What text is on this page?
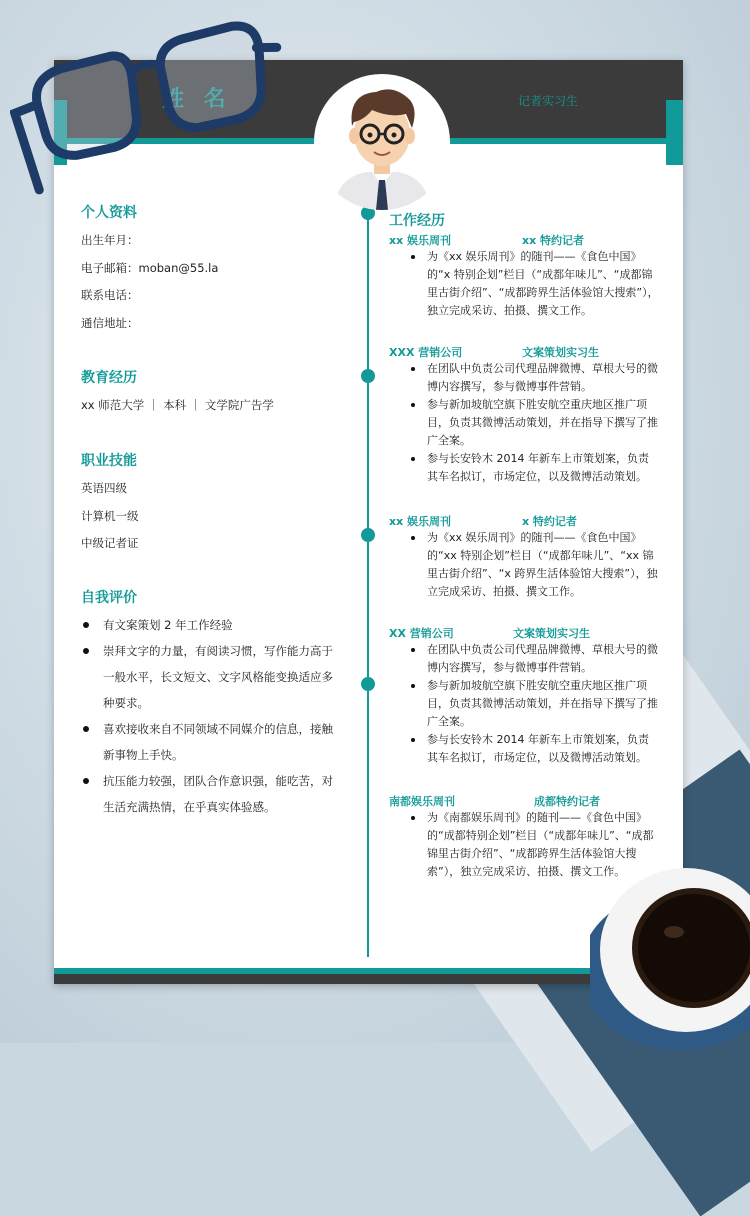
记者实习生
个人资料
出生年月：
电子邮箱：moban@55.la
联系电话：
通信地址：
教育经历
xx 师范大学 ｜ 本科 ｜ 文学院广告学
职业技能
英语四级
计算机一级
中级记者证
自我评价
有文案策划 2 年工作经验
崇拜文字的力量，有阅读习惯，写作能力高于一般水平，长文短文、文字风格能变换适应多种要求。
喜欢接收来自不同领域不同媒介的信息，接触新事物上手快。
抗压能力较强，团队合作意识强，能吃苦，对生活充满热情，在乎真实体验感。
工作经历
xx 娱乐周刊	xx 特约记者
为《xx 娱乐周刊》的随刊——《食色中国》的“x 特别企划”栏目（“成都年味儿”、“成都锦里古街介绍”、“成都跨界生活体验馆大搜索”），独立完成采访、拍摄、撰文工作。
XXX 营销公司	文案策划实习生
在团队中负责公司代理品牌微博、草根大号的微博内容撰写，参与微博事件营销。
参与新加坡航空旗下胜安航空重庆地区推广项目，负责其微博活动策划，并在指导下撰写了推广全案。
参与长安铃木 2014 年新车上市策划案，负责其车名拟订，市场定位，以及微博活动策划。
xx 娱乐周刊	x 特约记者
为《xx 娱乐周刊》的随刊——《食色中国》的“xx 特别企划”栏目（“成都年味儿”、“xx 锦里古街介绍”、“x 跨界生活体验馆大搜索”），独立完成采访、拍摄、撰文工作。
XX 营销公司	文案策划实习生
在团队中负责公司代理品牌微博、草根大号的微博内容撰写，参与微博事件营销。
参与新加坡航空旗下胜安航空重庆地区推广项目，负责其微博活动策划，并在指导下撰写了推广全案。
参与长安铃木 2014 年新车上市策划案，负责其车名拟订，市场定位，以及微博活动策划。
南都娱乐周刊	成都特约记者
为《南都娱乐周刊》的随刊——《食色中国》的“成都特别企划”栏目（“成都年味儿”、“成都锦里古街介绍”、“成都跨界生活体验馆大搜索”），独立完成采访、拍摄、撰文工作。
